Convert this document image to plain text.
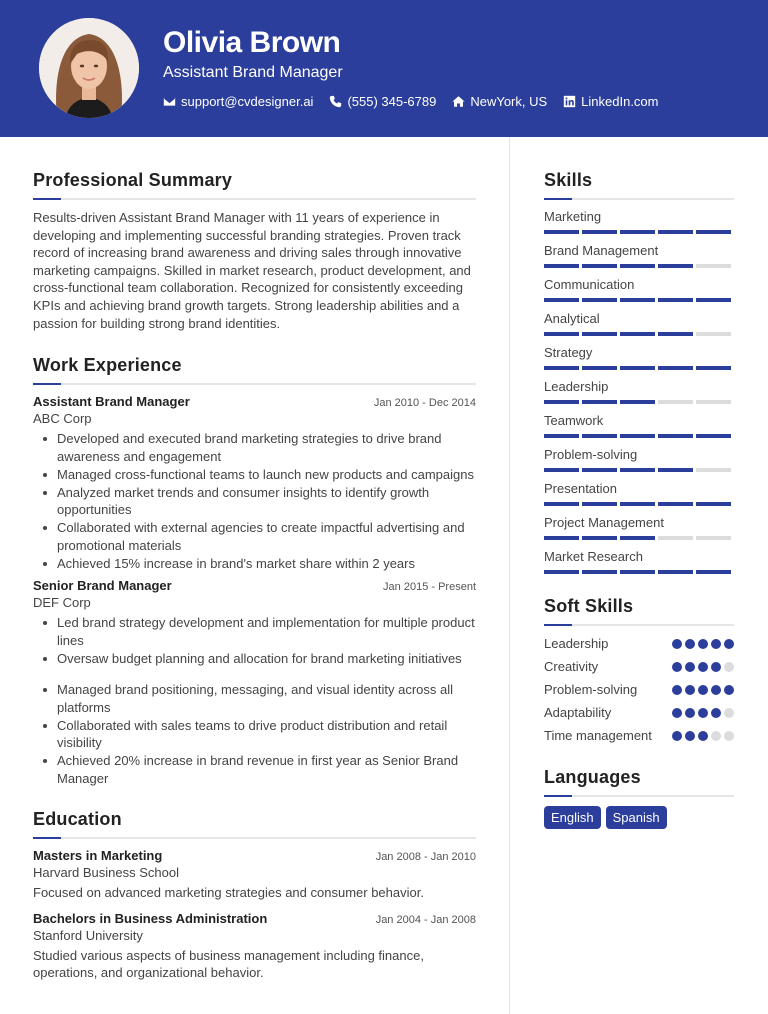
Olivia Brown
Assistant Brand Manager
support@cvdesigner.ai	(555) 345-6789	NewYork, US	LinkedIn.com
Professional Summary

Results-driven Assistant Brand Manager with 11 years of experience in developing and implementing successful branding strategies. Proven track record of increasing brand awareness and driving sales through innovative marketing campaigns. Skilled in market research, product development, and cross-functional team collaboration. Recognized for consistently exceeding KPIs and achieving brand growth targets. Strong leadership abilities and a passion for building strong brand identities.

Work Experience
Assistant Brand Manager	Jan 2010 - Dec 2014
ABC Corp
Developed and executed brand marketing strategies to drive brand awareness and engagement
Managed cross-functional teams to launch new products and campaigns
Analyzed market trends and consumer insights to identify growth opportunities
Collaborated with external agencies to create impactful advertising and promotional materials
Achieved 15% increase in brand's market share within 2 years
Senior Brand Manager	Jan 2015 - Present
DEF Corp
Led brand strategy development and implementation for multiple product lines
Oversaw budget planning and allocation for brand marketing initiatives
Managed brand positioning, messaging, and visual identity across all platforms
Collaborated with sales teams to drive product distribution and retail visibility
Achieved 20% increase in brand revenue in first year as Senior Brand Manager
Education
Masters in Marketing	Jan 2008 - Jan 2010
Harvard Business School
Focused on advanced marketing strategies and consumer behavior.
Bachelors in Business Administration	Jan 2004 - Jan 2008
Stanford University
Studied various aspects of business management including finance, operations, and organizational behavior.
Skills
Marketing
Brand Management
Communication
Analytical
Strategy
Leadership
Teamwork
Problem-solving
Presentation
Project Management
Market Research
Soft Skills
Leadership
Creativity
Problem-solving
Adaptability
Time management
Languages
English	Spanish
